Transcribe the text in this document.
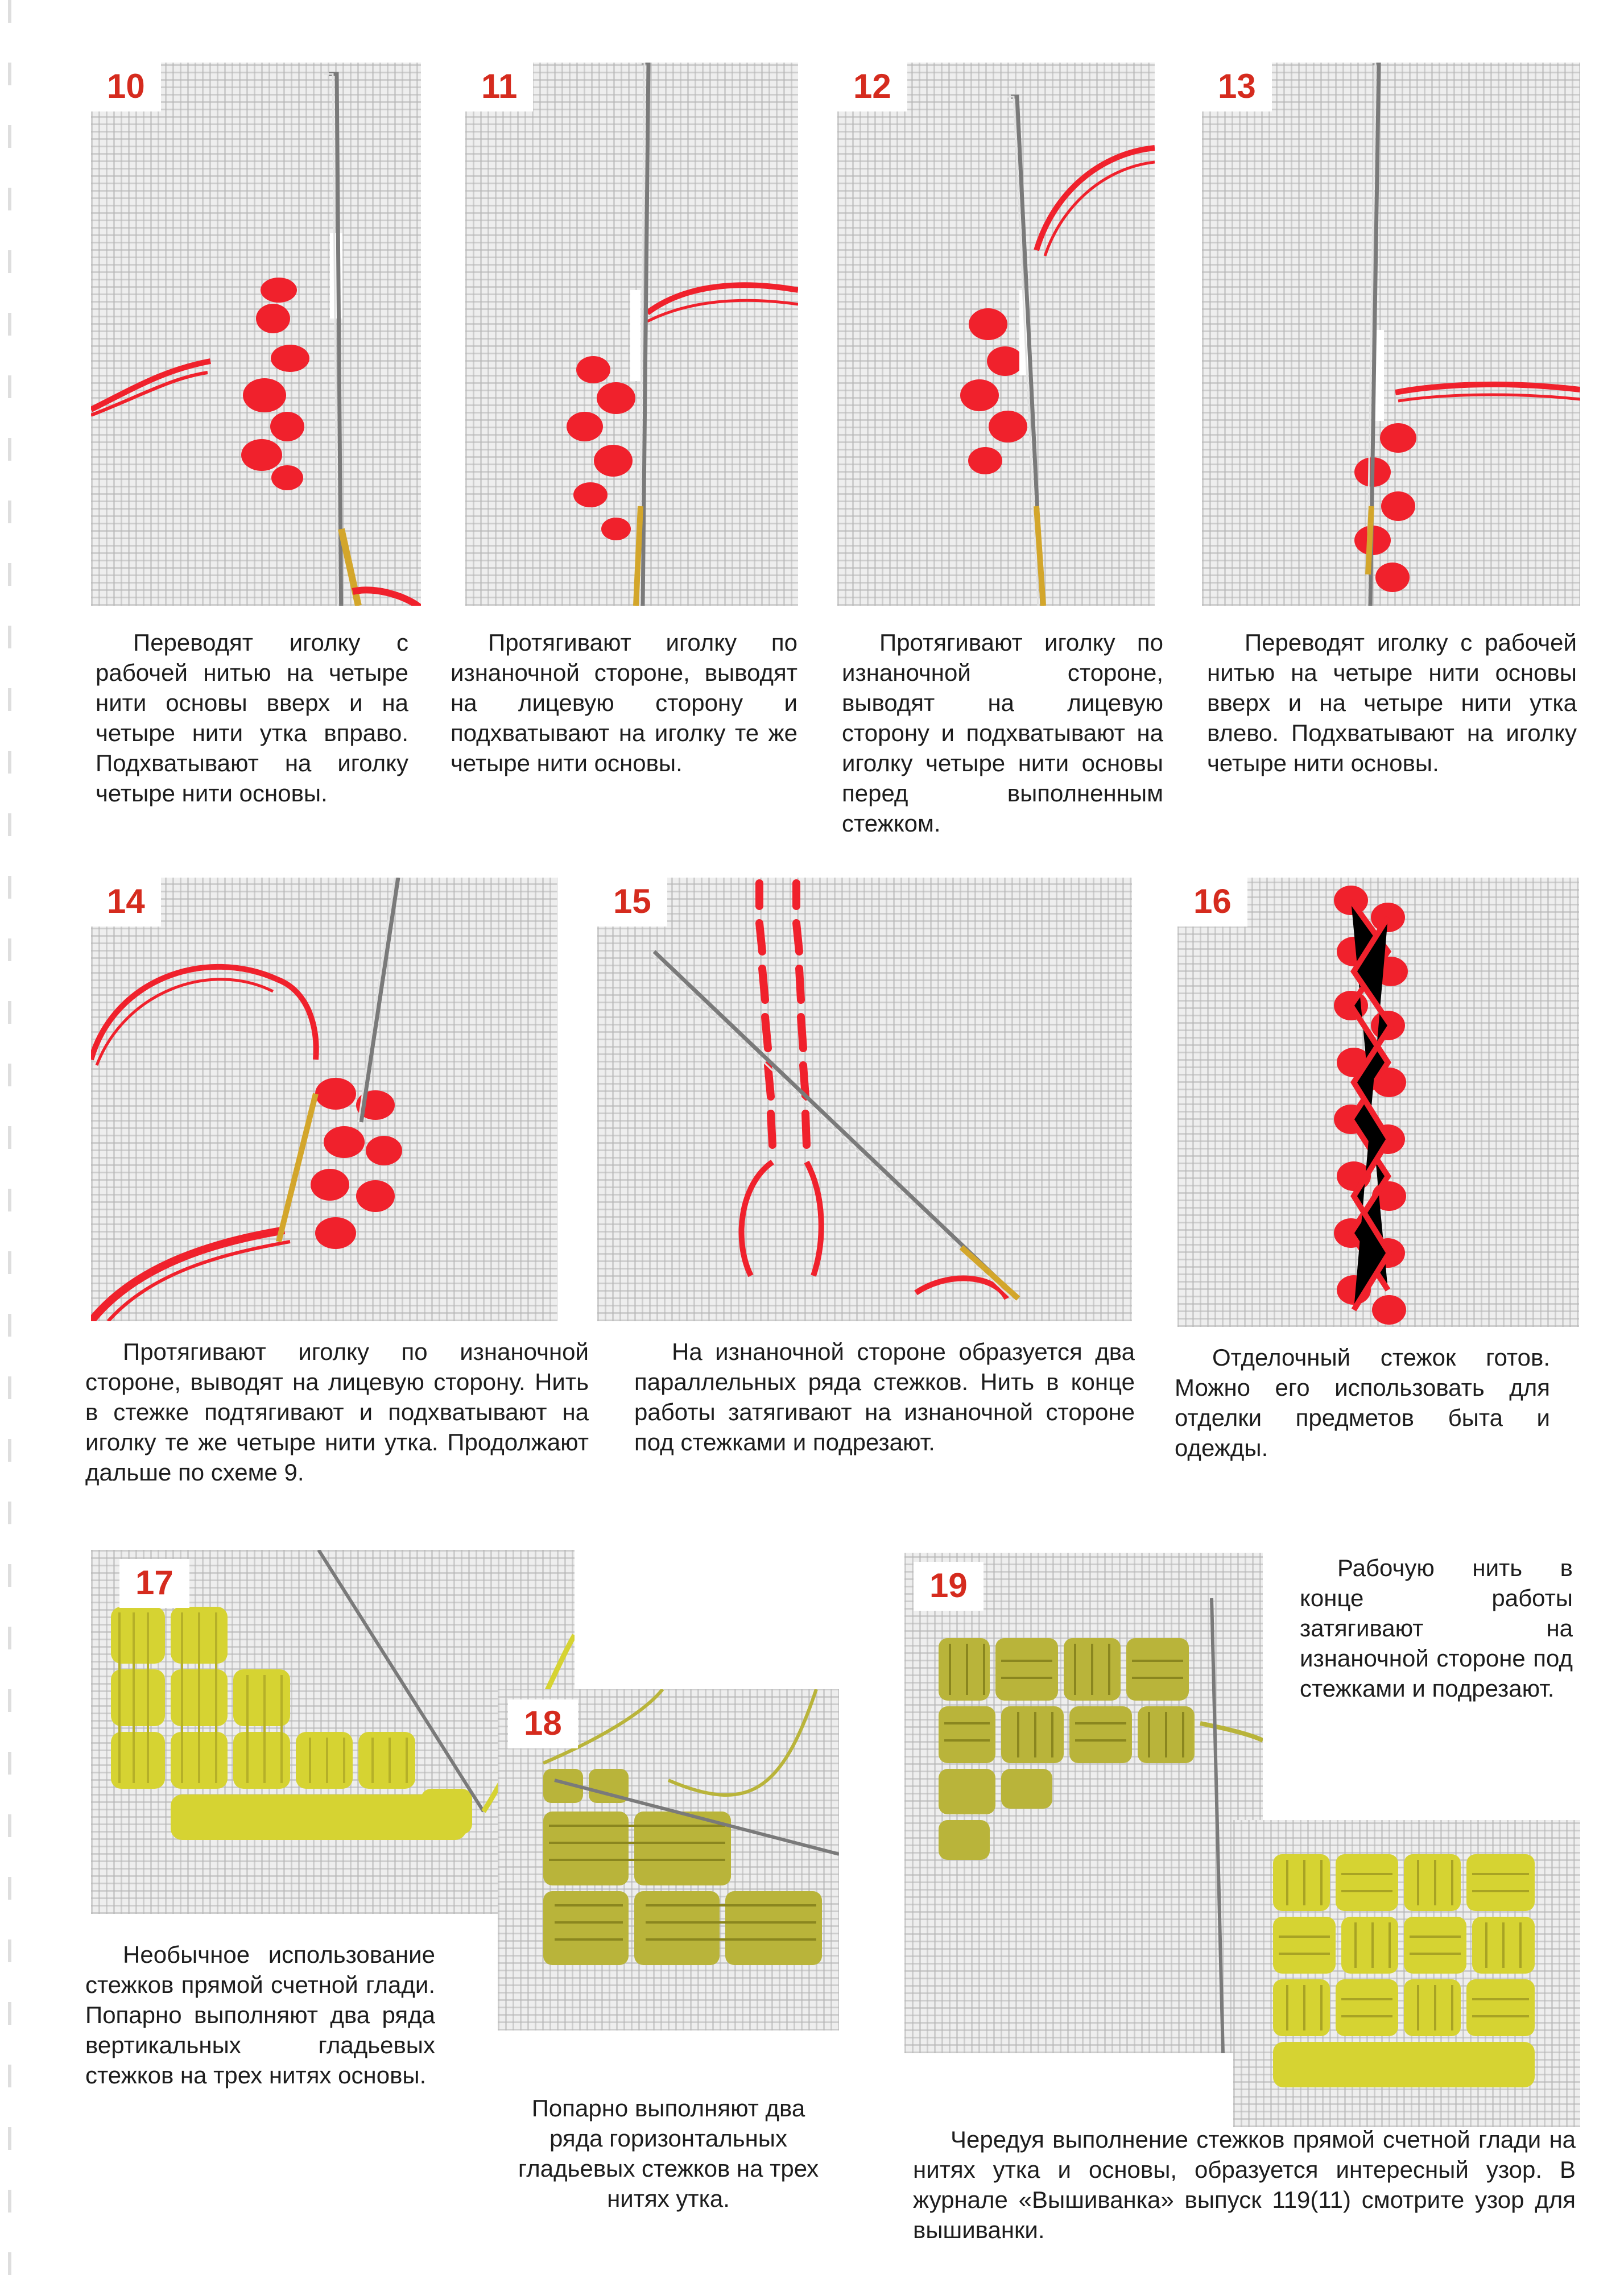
10	11	12	13

Переводят иголку с рабочей нитью на четыре нити основы вверх и на четыре нити утка вправо. Подхватывают на иголку четыре нити основы.

Протягивают иголку по изнаночной стороне, выводят на лицевую сторону и подхватывают на иголку те же четыре нити основы.

Протягивают иголку по изнаночной стороне, выводят на лицевую сторону и подхватывают на иголку четыре нити основы перед выполненным стежком.

Переводят иголку с рабочей нитью на четыре нити основы вверх и на четыре нити утка влево. Подхватывают на иголку четыре нити основы.

14	15	16

Протягивают иголку по изнаночной стороне, выводят на лицевую сторону. Нить в стежке подтягивают и подхватывают на иголку те же четыре нити утка. Продолжают дальше по схеме 9.

На изнаночной стороне образуется два параллельных ряда стежков. Нить в конце работы затягивают на изнаночной стороне под стежками и подрезают.

Отделочный стежок готов. Можно его использовать для отделки предметов быта и одежды.

17
18
19

Необычное использование стежков прямой счетной глади. Попарно выполняют два ряда вертикальных гладьевых стежков на трех нитях основы.

Попарно выполняют два ряда горизонтальных гладьевых стежков на трех нитях утка.

Рабочую нить в конце работы затягивают на изнаночной стороне под стежками и подрезают.

Чередуя выполнение стежков прямой счетной глади на нитях утка и основы, образуется интересный узор. В журнале «Вышиванка» выпуск 119(11) смотрите узор для вышиванки.
